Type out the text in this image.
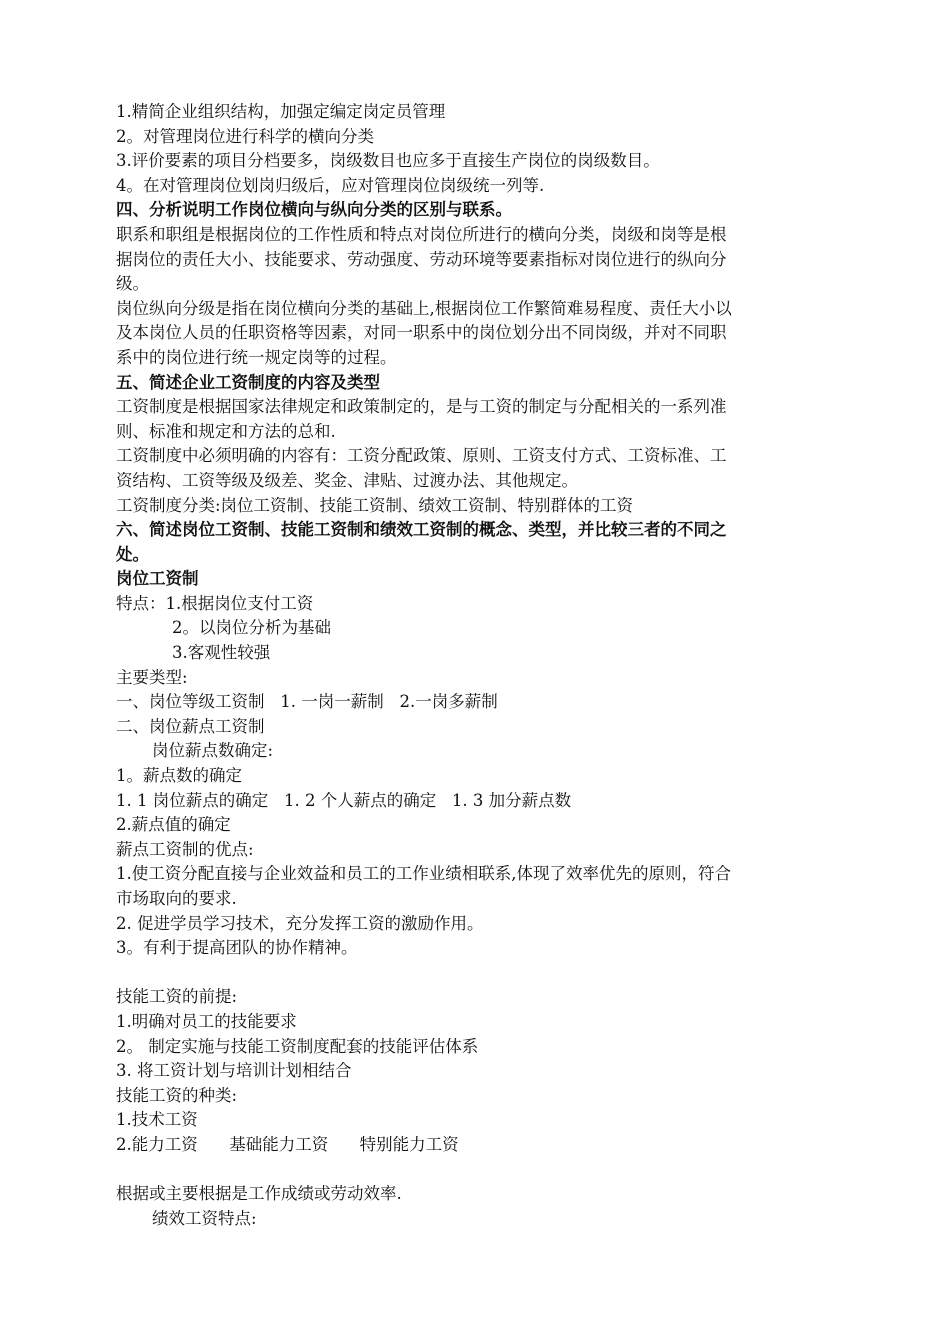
1.精简企业组织结构，加强定编定岗定员管理
2。对管理岗位进行科学的横向分类
3.评价要素的项目分档要多，岗级数目也应多于直接生产岗位的岗级数目。
4。在对管理岗位划岗归级后，应对管理岗位岗级统一列等.
四、分析说明工作岗位横向与纵向分类的区别与联系。
职系和职组是根据岗位的工作性质和特点对岗位所进行的横向分类，岗级和岗等是根
据岗位的责任大小、技能要求、劳动强度、劳动环境等要素指标对岗位进行的纵向分
级。
岗位纵向分级是指在岗位横向分类的基础上,根据岗位工作繁简难易程度、责任大小以
及本岗位人员的任职资格等因素，对同一职系中的岗位划分出不同岗级，并对不同职
系中的岗位进行统一规定岗等的过程。
五、简述企业工资制度的内容及类型
工资制度是根据国家法律规定和政策制定的，是与工资的制定与分配相关的一系列准
则、标准和规定和方法的总和.
工资制度中必须明确的内容有：工资分配政策、原则、工资支付方式、工资标准、工
资结构、工资等级及级差、奖金、津贴、过渡办法、其他规定。
工资制度分类:岗位工资制、技能工资制、绩效工资制、特别群体的工资
六、简述岗位工资制、技能工资制和绩效工资制的概念、类型，并比较三者的不同之
处。
岗位工资制
特点：1.根据岗位支付工资
2。以岗位分析为基础
3.客观性较强
主要类型:
一、岗位等级工资制   1. 一岗一薪制   2.一岗多薪制
二、岗位薪点工资制
岗位薪点数确定:
1。薪点数的确定
1. 1 岗位薪点的确定   1. 2 个人薪点的确定   1. 3 加分薪点数
2.薪点值的确定
薪点工资制的优点:
1.使工资分配直接与企业效益和员工的工作业绩相联系,体现了效率优先的原则，符合
市场取向的要求.
2. 促进学员学习技术，充分发挥工资的激励作用。
3。有利于提高团队的协作精神。

技能工资的前提:
1.明确对员工的技能要求
2。 制定实施与技能工资制度配套的技能评估体系
3. 将工资计划与培训计划相结合
技能工资的种类:
1.技术工资
2.能力工资      基础能力工资      特别能力工资

根据或主要根据是工作成绩或劳动效率.
绩效工资特点:
